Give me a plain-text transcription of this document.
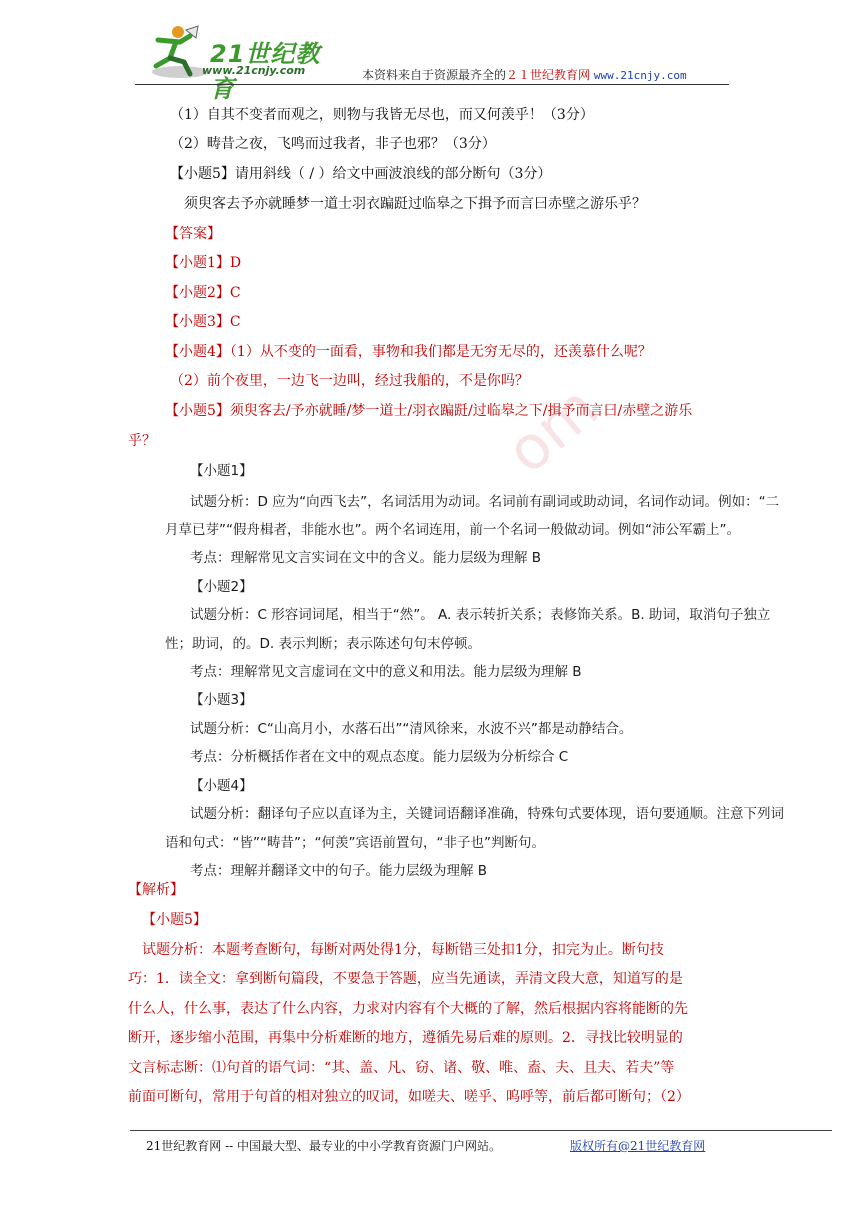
21世纪教育
www.21cnjy.com	本资料来自于资源最齐全的２１世纪教育网 www.21cnjy.com
（1）自其不变者而观之，则物与我皆无尽也，而又何羡乎！（3分）
（2）畴昔之夜，飞鸣而过我者，非子也邪？（3分）
【小题5】请用斜线（ / ）给文中画波浪线的部分断句（3分）
须臾客去予亦就睡梦一道士羽衣蹁跹过临皋之下揖予而言曰赤壁之游乐乎？
【答案】
【小题1】D
【小题2】C
【小题3】C
【小题4】（1）从不变的一面看，事物和我们都是无穷无尽的，还羡慕什么呢？
（2）前个夜里，一边飞一边叫，经过我船的，不是你吗？
【小题5】须臾客去/予亦就睡/梦一道士/羽衣蹁跹/过临皋之下/揖予而言曰/赤壁之游乐
乎？	om
【小题1】
试题分析：D 应为“向西飞去”，名词活用为动词。名词前有副词或助动词，名词作动词。例如：“二
月草已芽”“假舟楫者，非能水也”。两个名词连用，前一个名词一般做动词。例如“沛公军霸上”。
考点：理解常见文言实词在文中的含义。能力层级为理解 B
【小题2】
试题分析：C 形容词词尾，相当于“然”。 A. 表示转折关系；表修饰关系。B. 助词，取消句子独立
性；助词，的。D. 表示判断；表示陈述句句末停顿。
考点：理解常见文言虚词在文中的意义和用法。能力层级为理解 B
【小题3】
试题分析：C“山高月小，水落石出”“清风徐来，水波不兴”都是动静结合。
考点：分析概括作者在文中的观点态度。能力层级为分析综合 C
【小题4】
试题分析：翻译句子应以直译为主，关键词语翻译准确，特殊句式要体现，语句要通顺。注意下列词
语和句式：“皆”“畴昔”；“何羡”宾语前置句，“非子也”判断句。
考点：理解并翻译文中的句子。能力层级为理解 B
【解析】
【小题5】
试题分析：本题考查断句，每断对两处得1分，每断错三处扣1分，扣完为止。断句技
巧：1．读全文：拿到断句篇段，不要急于答题，应当先通读，弄清文段大意，知道写的是
什么人，什么事，表达了什么内容，力求对内容有个大概的了解，然后根据内容将能断的先
断开，逐步缩小范围，再集中分析难断的地方，遵循先易后难的原则。2．寻找比较明显的
文言标志断：⑴句首的语气词：“其、盖、凡、窃、诸、敬、唯、盍、夫、且夫、若夫”等
前面可断句，常用于句首的相对独立的叹词，如嗟夫、嗟乎、呜呼等，前后都可断句；（2）
21世纪教育网 -- 中国最大型、最专业的中小学教育资源门户网站。	版权所有@21世纪教育网
